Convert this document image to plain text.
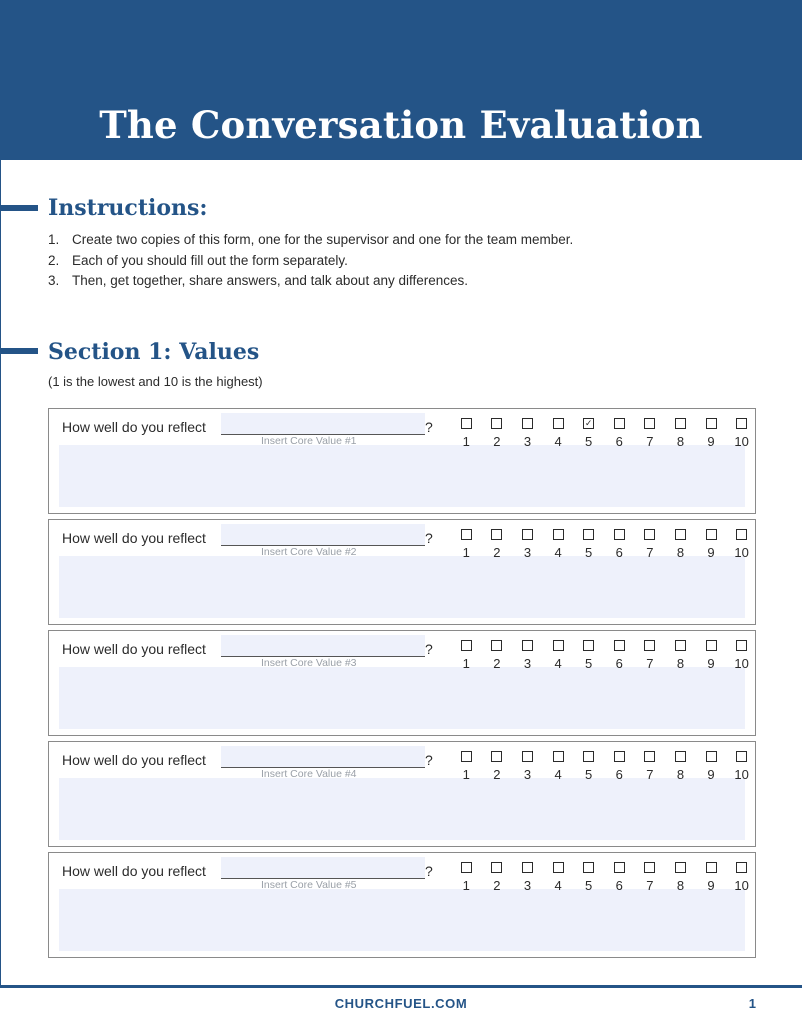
The Conversation Evaluation
Instructions:
1. Create two copies of this form, one for the supervisor and one for the team member.
2. Each of you should fill out the form separately.
3. Then, get together, share answers, and talk about any differences.
Section 1: Values
(1 is the lowest and 10 is the highest)
How well do you reflect	?
Insert Core Value #1	1 2 3 4
✓
5 6 7 8 9 10
How well do you reflect	?
Insert Core Value #2	1 2 3 4 5 6 7 8 9 10
How well do you reflect	?
Insert Core Value #3	1 2 3 4 5 6 7 8 9 10
How well do you reflect	?
Insert Core Value #4	1 2 3 4 5 6 7 8 9 10
How well do you reflect	?
Insert Core Value #5	1 2 3 4 5 6 7 8 9 10
CHURCHFUEL.COM	1
